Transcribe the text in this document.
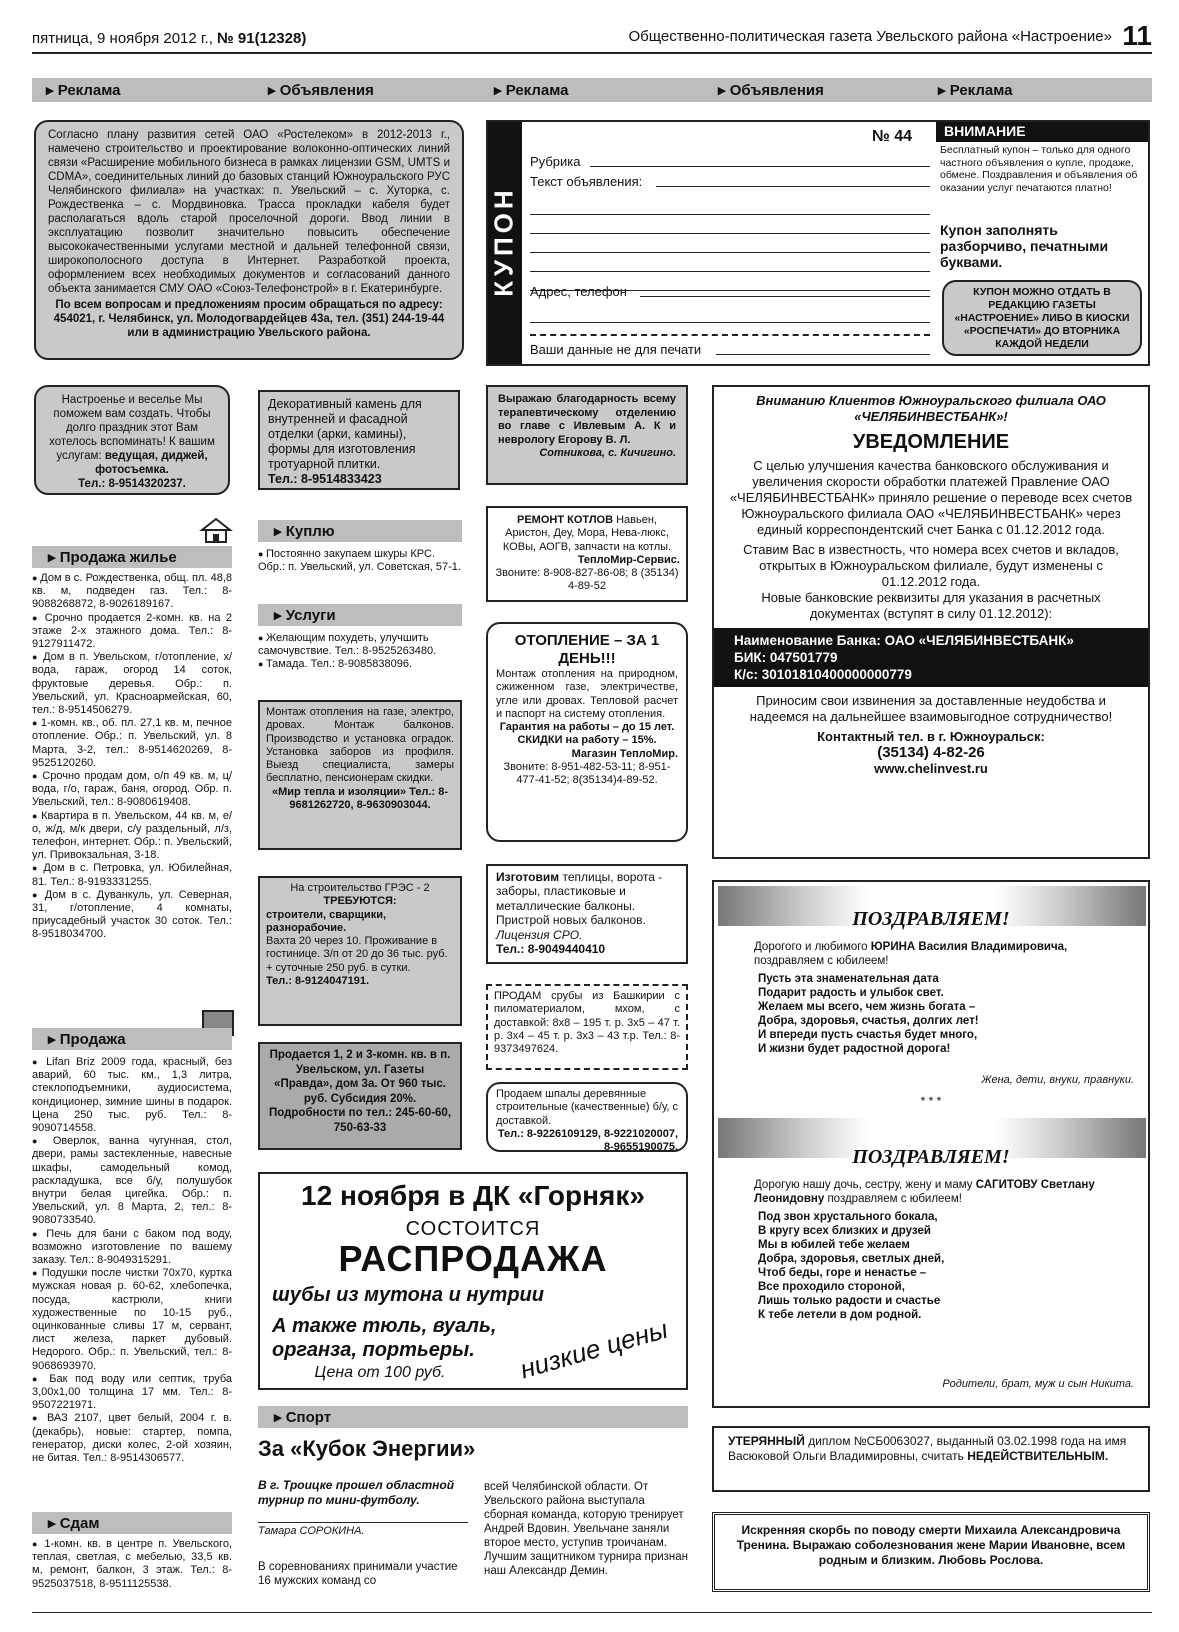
пятница, 9 ноября 2012 г., № 91(12328)	Общественно-политическая газета Увельского района «Настроение» 11
▸ Реклама	▸ Объявления	▸ Реклама	▸ Объявления	▸ Реклама

Согласно плану развития сетей ОАО «Ростелеком» в 2012-2013 г., намечено строительство и проектирование волоконно-оптических линий связи «Расширение мобильного бизнеса в рамках лицензии GSM, UMTS и CDMA», соединительных линий до базовых станций Южноуральского РУС Челябинского филиала» на участках: п. Увельский – с. Хуторка, с. Рождественка – с. Мордвиновка. Трасса прокладки кабеля будет располагаться вдоль старой проселочной дороги. Ввод линии в эксплуатацию позволит значительно повысить обеспечение высококачественными услугами местной и дальней телефонной связи, широкополосного доступа в Интернет. Разработкой проекта, оформлением всех необходимых документов и согласований данного объекта занимается СМУ ОАО «Союз-Телефонстрой» в г. Екатеринбурге.

По всем вопросам и предложениям просим обращаться по адресу: 454021, г. Челябинск, ул. Молодогвардейцев 43а, тел. (351) 244-19-44 или в администрацию Увельского района.

КУПОН
№ 44
Рубрика
Текст объявления:
Адрес, телефон
Ваши данные не для печати
ВНИМАНИЕ
Бесплатный купон – только для одного частного объявления о купле, продаже, обмене. Поздравления и объявления об оказании услуг печатаются платно!
Купон заполнять разборчиво, печатными буквами.
КУПОН МОЖНО ОТДАТЬ В РЕДАКЦИЮ ГАЗЕТЫ «НАСТРОЕНИЕ» ЛИБО В КИОСКИ «РОСПЕЧАТИ» ДО ВТОРНИКА КАЖДОЙ НЕДЕЛИ
Настроенье и веселье Мы поможем вам создать. Чтобы долго праздник этот Вам хотелось вспоминать! К вашим услугам: ведущая, диджей, фотосъемка.
Тел.: 8-9514320237.
▸ Продажа жилье
● Дом в с. Рождественка, общ. пл. 48,8 кв. м, подведен газ. Тел.: 8-9088268872, 8-9026189167.
● Срочно продается 2-комн. кв. на 2 этаже 2-х этажного дома. Тел.: 8-9127911472.
● Дом в п. Увельском, г/отопление, х/вода, гараж, огород 14 соток, фруктовые деревья. Обр.: п. Увельский, ул. Красноармейская, 60, тел.: 8-9514506279.
● 1-комн. кв., об. пл. 27,1 кв. м, печное отопление. Обр.: п. Увельский, ул. 8 Марта, 3-2, тел.: 8-9514620269, 8-9525120260.
● Срочно продам дом, о/п 49 кв. м, ц/вода, г/о, гараж, баня, огород. Обр. п. Увельский, тел.: 8-9080619408.
● Квартира в п. Увельском, 44 кв. м, е/о, ж/д, м/к двери, с/у раздельный, л/з, телефон, интернет. Обр.: п. Увельский, ул. Привокзальная, 3-18.
● Дом в с. Петровка, ул. Юбилейная, 81. Тел.: 8-9193331255.
● Дом в с. Дуванкуль, ул. Северная, 31, г/отопление, 4 комнаты, приусадебный участок 30 соток. Тел.: 8-9518034700.
▸ Продажа
● Lifan Briz 2009 года, красный, без аварий, 60 тыс. км., 1,3 литра, стеклоподъемники, аудиосистема, кондиционер, зимние шины в подарок. Цена 250 тыс. руб. Тел.: 8-9090714558.
● Оверлок, ванна чугунная, стол, двери, рамы застекленные, навесные шкафы, самодельный комод, раскладушка, все б/у, полушубок внутри белая цигейка. Обр.: п. Увельский, ул. 8 Марта, 2, тел.: 8-9080733540.
● Печь для бани с баком под воду, возможно изготовление по вашему заказу. Тел.: 8-9049315291.
● Подушки после чистки 70х70, куртка мужская новая р. 60-62, хлебопечка, посуда, кастрюли, книги художественные по 10-15 руб., оцинкованные сливы 17 м, сервант, лист железа, паркет дубовый. Недорого. Обр.: п. Увельский, тел.: 8-9068693970.
● Бак под воду или септик, труба 3,00х1,00 толщина 17 мм. Тел.: 8-9507221971.
● ВАЗ 2107, цвет белый, 2004 г. в. (декабрь), новые: стартер, помпа, генератор, диски колес, 2-ой хозяин, не битая. Тел.: 8-9514306577.
▸ Сдам
● 1-комн. кв. в центре п. Увельского, теплая, светлая, с мебелью, 33,5 кв. м, ремонт, балкон, 3 этаж. Тел.: 8-9525037518, 8-9511125538.

Декоративный камень для внутренней и фасадной отделки (арки, камины), формы для изготовления тротуарной плитки.

Тел.: 8-9514833423

▸ Куплю
● Постоянно закупаем шкуры КРС. Обр.: п. Увельский, ул. Советская, 57-1.
▸ Услуги
● Желающим похудеть, улучшить самочувствие. Тел.: 8-9525263480.
● Тамада. Тел.: 8-9085838096.

Монтаж отопления на газе, электро, дровах. Монтаж балконов. Производство и установка оградок. Установка заборов из профиля. Выезд специалиста, замеры бесплатно, пенсионерам скидки.

«Мир тепла и изоляции» Тел.: 8-9681262720, 8-9630903044.

На строительство ГРЭС - 2

ТРЕБУЮТСЯ:

строители, сварщики, разнорабочие.

Вахта 20 через 10. Проживание в гостинице. З/п от 20 до 36 тыс. руб. + суточные 250 руб. в сутки.

Тел.: 8-9124047191.

Продается 1, 2 и 3-комн. кв. в п. Увельском, ул. Газеты «Правда», дом 3а. От 960 тыс. руб. Субсидия 20%. Подробности по тел.: 245-60-60, 750-63-33

Выражаю благодарность всему терапевтическому отделению во главе с Ивлевым А. К и неврологу Егорову В. Л.

Сотникова, с. Кичигино.

РЕМОНТ КОТЛОВ Навьен, Аристон, Деу, Мора, Нева-люкс, КОВы, АОГВ, запчасти на котлы.

ТеплоМир-Сервис.

Звоните: 8-908-827-86-08; 8 (35134) 4-89-52

ОТОПЛЕНИЕ – ЗА 1 ДЕНЬ!!!

Монтаж отопления на природном, сжиженном газе, электричестве, угле или дровах. Тепловой расчет и паспорт на систему отопления.

Гарантия на работы – до 15 лет.

СКИДКИ на работу – 15%.

Магазин ТеплоМир.

Звоните: 8-951-482-53-11; 8-951-477-41-52; 8(35134)4-89-52.

Изготовим теплицы, ворота - заборы, пластиковые и металлические балконы. Пристрой новых балконов.

Лицензия СРО.

Тел.: 8-9049440410

ПРОДАМ срубы из Башкирии с пиломатериалом, мхом, с доставкой: 8х8 – 195 т. р. 3х5 – 47 т. р. 3х4 – 45 т. р. 3х3 – 43 т.р. Тел.: 8-9373497624.

Продаем шпалы деревянные строительные (качественные) б/у, с доставкой.

Тел.: 8-9226109129, 8-9221020007, 8-9655190075.

12 ноября в ДК «Горняк»
СОСТОИТСЯ
РАСПРОДАЖА
шубы из мутона и нутрии
А также тюль, вуаль, органза, портьеры.
Цена от 100 руб.	низкие цены
▸ Спорт
За «Кубок Энергии»
В г. Троицке прошел областной турнир по мини-футболу.
Тамара СОРОКИНА.
В соревнованиях принимали участие 16 мужских команд со
всей Челябинской области. От Увельского района выступала сборная команда, которую тренирует Андрей Вдовин. Увельчане заняли второе место, уступив троичанам. Лучшим защитником турнира признан наш Александр Демин.

Вниманию Клиентов Южноуральского филиала ОАО «ЧЕЛЯБИНВЕСТБАНК»!

УВЕДОМЛЕНИЕ

С целью улучшения качества банковского обслуживания и увеличения скорости обработки платежей Правление ОАО «ЧЕЛЯБИНВЕСТБАНК» приняло решение о переводе всех счетов Южноуральского филиала ОАО «ЧЕЛЯБИНВЕСТБАНК» через единый корреспондентский счет Банка с 01.12.2012 года.

Ставим Вас в известность, что номера всех счетов и вкладов, открытых в Южноуральском филиале, будут изменены с 01.12.2012 года.

Новые банковские реквизиты для указания в расчетных документах (вступят в силу 01.12.2012):

Наименование Банка: ОАО «ЧЕЛЯБИНВЕСТБАНК»

БИК: 047501779

К/с: 30101810400000000779

Приносим свои извинения за доставленные неудобства и надеемся на дальнейшее взаимовыгодное сотрудничество!

Контактный тел. в г. Южноуральск:

(35134) 4-82-26

www.chelinvest.ru

ПОЗДРАВЛЯЕМ!
Дорогого и любимого ЮРИНА Василия Владимировича, поздравляем с юбилеем!

Пусть эта знаменательная дата

Подарит радость и улыбок свет.

Желаем мы всего, чем жизнь богата –

Добра, здоровья, счастья, долгих лет!

И впереди пусть счастья будет много,

И жизни будет радостной дорога!

Жена, дети, внуки, правнуки.
* * *
ПОЗДРАВЛЯЕМ!
Дорогую нашу дочь, сестру, жену и маму САГИТОВУ Светлану Леонидовну поздравляем с юбилеем!

Под звон хрустального бокала,

В кругу всех близких и друзей

Мы в юбилей тебе желаем

Добра, здоровья, светлых дней,

Чтоб беды, горе и ненастье –

Все проходило стороной,

Лишь только радости и счастье

К тебе летели в дом родной.

Родители, брат, муж и сын Никита.
УТЕРЯННЫЙ диплом №СБ0063027, выданный 03.02.1998 года на имя Васюковой Ольги Владимировны, считать НЕДЕЙСТВИТЕЛЬНЫМ.
Искренняя скорбь по поводу смерти Михаила Александровича Тренина. Выражаю соболезнования жене Марии Ивановне, всем родным и близким. Любовь Рослова.
